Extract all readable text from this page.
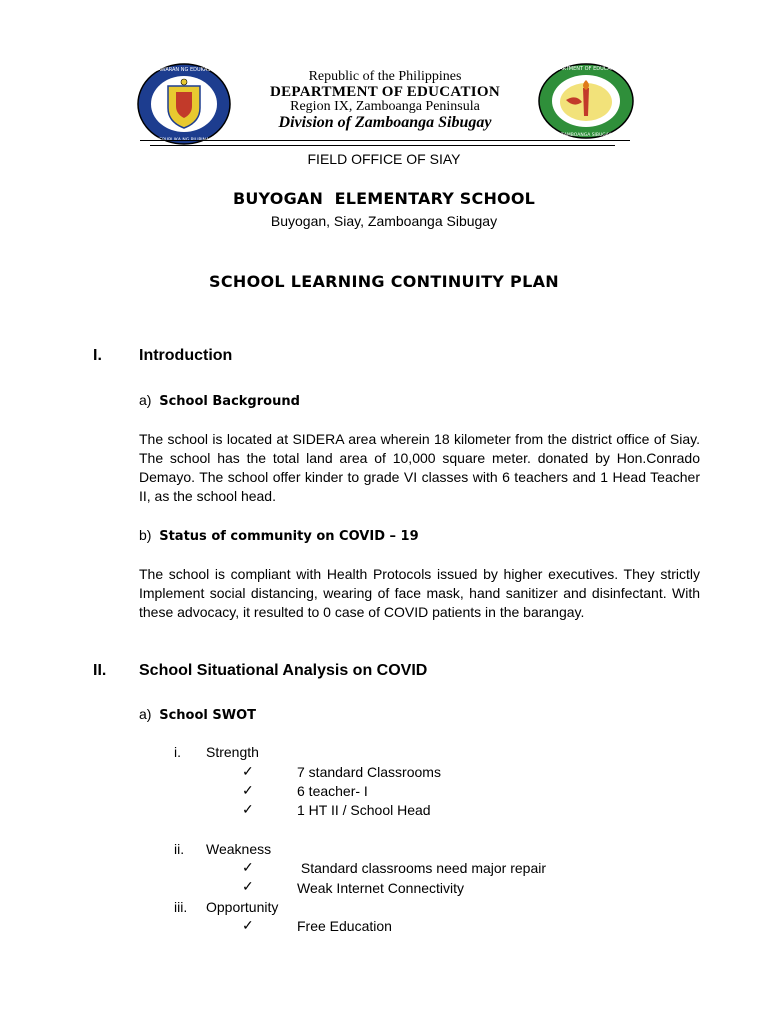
KAGAWARAN NG EDUKASYON
REPUBLIKA NG PILIPINAS
Republic of the Philippines
DEPARTMENT OF EDUCATION
Region IX, Zamboanga Peninsula
Division of Zamboanga Sibugay
DEPARTMENT OF EDUCATION
ZAMBOANGA SIBUGAY
FIELD OFFICE OF SIAY
BUYOGAN  ELEMENTARY SCHOOL
Buyogan, Siay, Zamboanga Sibugay
SCHOOL LEARNING CONTINUITY PLAN
I. Introduction
a) School Background

The school is located at SIDERA area wherein 18 kilometer from the district office of Siay. The school has the total land area of 10,000 square meter. donated by Hon.Conrado Demayo. The school offer kinder to grade VI classes with 6 teachers and 1 Head Teacher II, as the school head.

b) Status of community on COVID – 19

The school is compliant with Health Protocols issued by higher executives. They strictly Implement social distancing, wearing of face mask, hand sanitizer and disinfectant. With these advocacy, it resulted to 0 case of COVID patients in the barangay.

II. School Situational Analysis on COVID
a) School SWOT
i. Strength
✓	7 standard Classrooms
✓	6 teacher- I
✓	1 HT II / School Head
ii. Weakness
✓	Standard classrooms need major repair
✓	Weak Internet Connectivity
iii. Opportunity
✓	Free Education
